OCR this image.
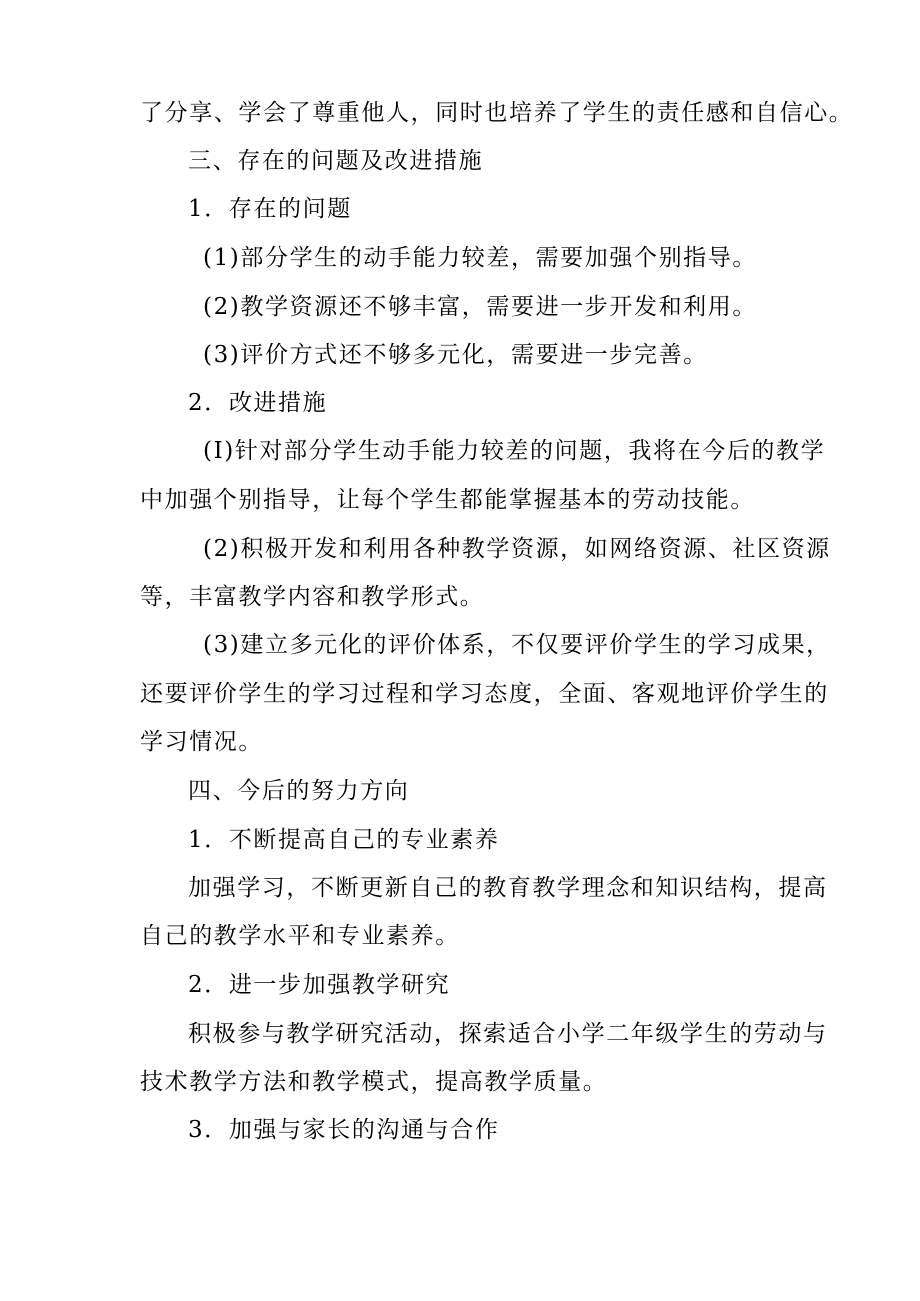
了分享、学会了尊重他人，同时也培养了学生的责任感和自信心。
三、存在的问题及改进措施
1．存在的问题
(1)部分学生的动手能力较差，需要加强个别指导。
(2)教学资源还不够丰富，需要进一步开发和利用。
(3)评价方式还不够多元化，需要进一步完善。
2．改进措施
(I)针对部分学生动手能力较差的问题，我将在今后的教学
中加强个别指导，让每个学生都能掌握基本的劳动技能。
(2)积极开发和利用各种教学资源，如网络资源、社区资源
等，丰富教学内容和教学形式。
(3)建立多元化的评价体系，不仅要评价学生的学习成果，
还要评价学生的学习过程和学习态度，全面、客观地评价学生的
学习情况。
四、今后的努力方向
1．不断提高自己的专业素养
加强学习，不断更新自己的教育教学理念和知识结构，提高
自己的教学水平和专业素养。
2．进一步加强教学研究
积极参与教学研究活动，探索适合小学二年级学生的劳动与
技术教学方法和教学模式，提高教学质量。
3．加强与家长的沟通与合作
